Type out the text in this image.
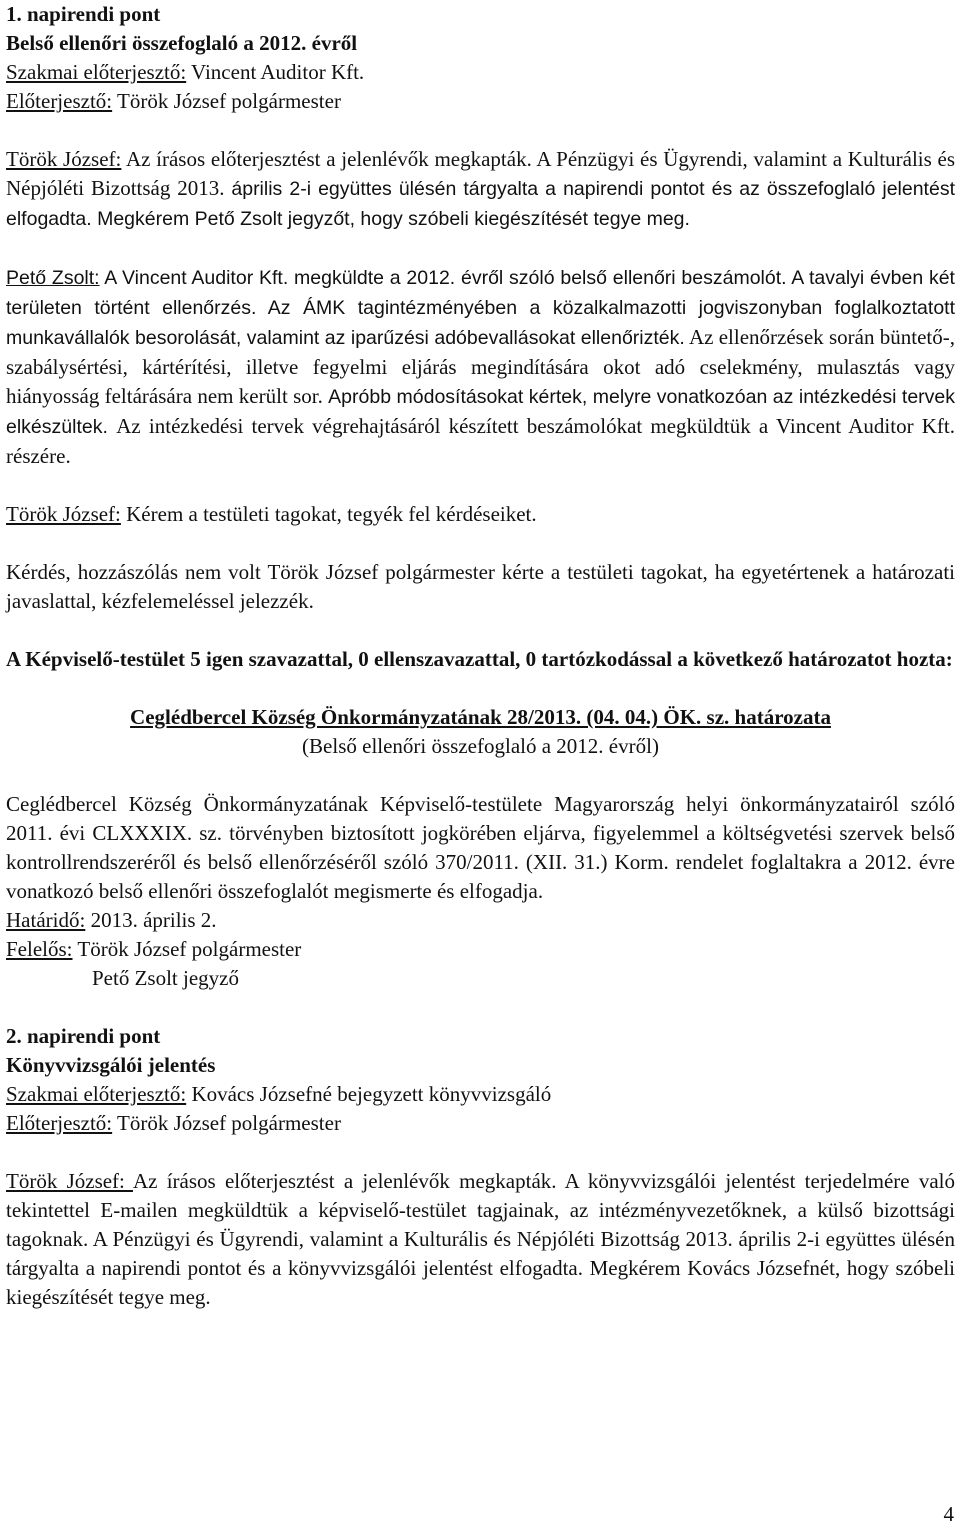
1. napirendi pont

Belső ellenőri összefoglaló a 2012. évről

Szakmai előterjesztő: Vincent Auditor Kft.

Előterjesztő: Török József polgármester

Török József: Az írásos előterjesztést a jelenlévők megkapták. A Pénzügyi és Ügyrendi, valamint a Kulturális és Népjóléti Bizottság 2013. április 2-i együttes ülésén tárgyalta a napirendi pontot és az összefoglaló jelentést elfogadta. Megkérem Pető Zsolt jegyzőt, hogy szóbeli kiegészítését tegye meg.

Pető Zsolt: A Vincent Auditor Kft. megküldte a 2012. évről szóló belső ellenőri beszámolót. A tavalyi évben két területen történt ellenőrzés. Az ÁMK tagintézményében a közalkalmazotti jogviszonyban foglalkoztatott munkavállalók besorolását, valamint az iparűzési adóbevallásokat ellenőrizték. Az ellenőrzések során büntető-, szabálysértési, kártérítési, illetve fegyelmi eljárás megindítására okot adó cselekmény, mulasztás vagy hiányosság feltárására nem került sor. Apróbb módosításokat kértek, melyre vonatkozóan az intézkedési tervek elkészültek. Az intézkedési tervek végrehajtásáról készített beszámolókat megküldtük a Vincent Auditor Kft. részére.

Török József: Kérem a testületi tagokat, tegyék fel kérdéseiket.

Kérdés, hozzászólás nem volt Török József polgármester kérte a testületi tagokat, ha egyetértenek a határozati javaslattal, kézfelemeléssel jelezzék.

A Képviselő-testület 5 igen szavazattal, 0 ellenszavazattal, 0 tartózkodással a következő határozatot hozta:

Ceglédbercel Község Önkormányzatának 28/2013. (04. 04.) ÖK. sz. határozata

(Belső ellenőri összefoglaló a 2012. évről)

Ceglédbercel Község Önkormányzatának Képviselő-testülete Magyarország helyi önkormányzatairól szóló 2011. évi CLXXXIX. sz. törvényben biztosított jogkörében eljárva, figyelemmel a költségvetési szervek belső kontrollrendszeréről és belső ellenőrzéséről szóló 370/2011. (XII. 31.) Korm. rendelet foglaltakra a 2012. évre vonatkozó belső ellenőri összefoglalót megismerte és elfogadja.

Határidő: 2013. április 2.

Felelős: Török József polgármester

Pető Zsolt jegyző

2. napirendi pont

Könyvvizsgálói jelentés

Szakmai előterjesztő: Kovács Józsefné bejegyzett könyvvizsgáló

Előterjesztő: Török József polgármester

Török József: Az írásos előterjesztést a jelenlévők megkapták. A könyvvizsgálói jelentést terjedelmére való tekintettel E-mailen megküldtük a képviselő-testület tagjainak, az intézményvezetőknek, a külső bizottsági tagoknak. A Pénzügyi és Ügyrendi, valamint a Kulturális és Népjóléti Bizottság 2013. április 2-i együttes ülésén tárgyalta a napirendi pontot és a könyvvizsgálói jelentést elfogadta. Megkérem Kovács Józsefnét, hogy szóbeli kiegészítését tegye meg.

4
